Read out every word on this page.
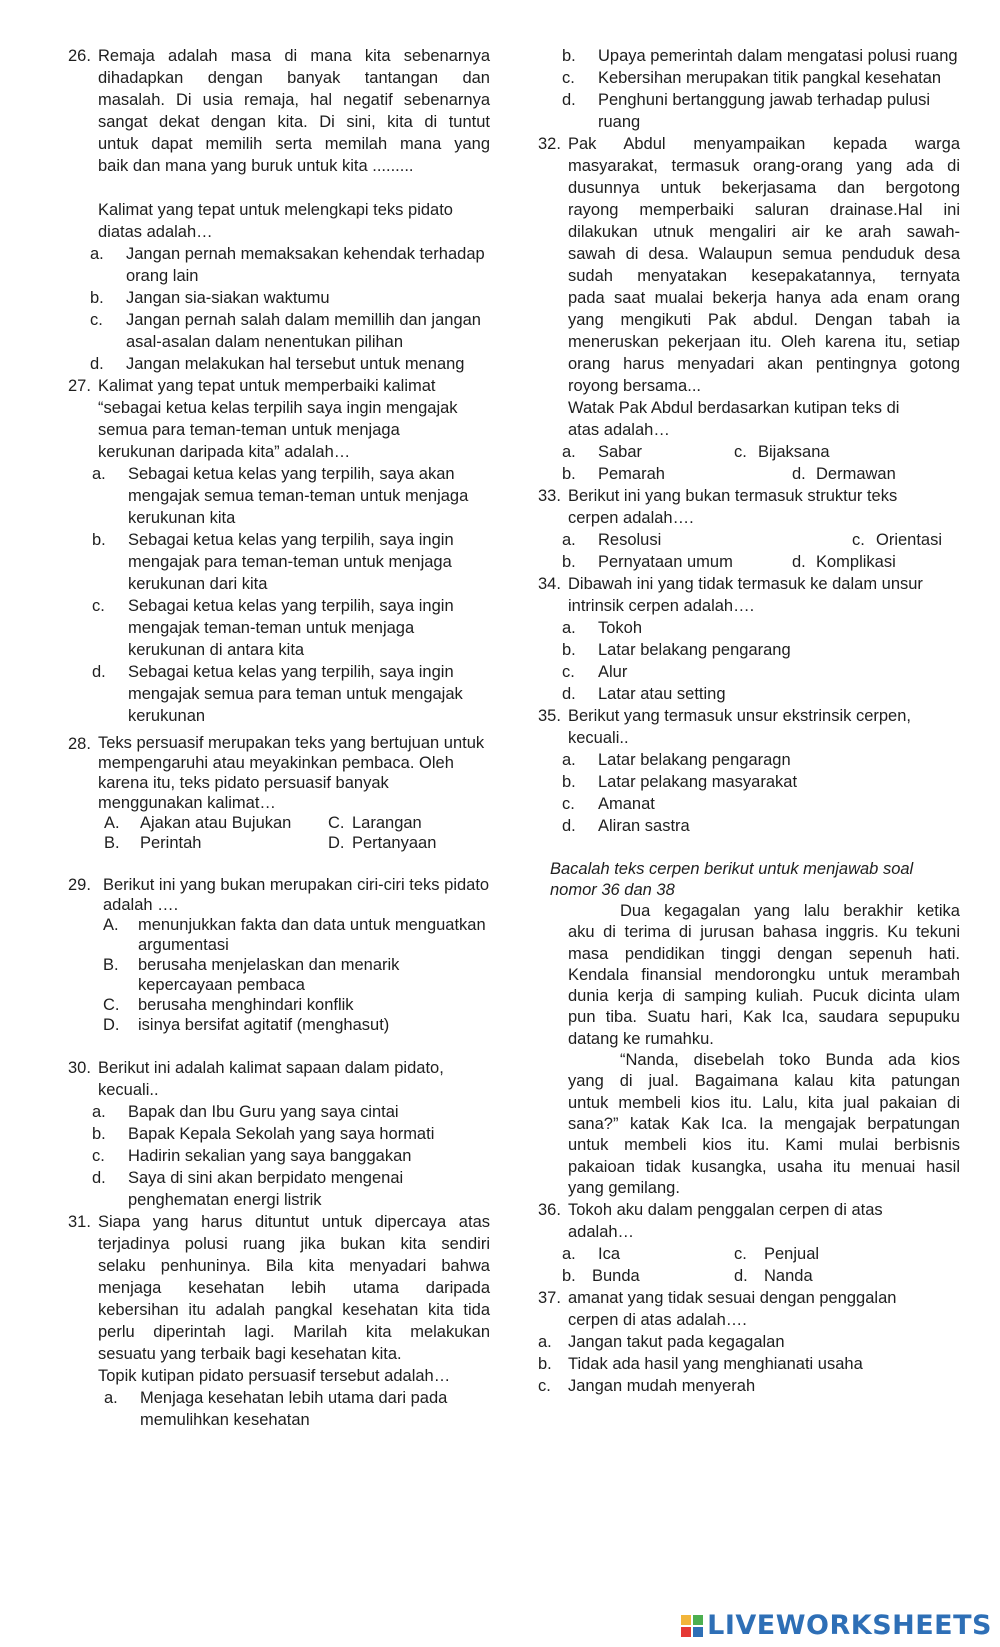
26. Remaja adalah masa di mana kita sebenarnya
dihadapkan dengan banyak tantangan dan
masalah. Di usia remaja, hal negatif sebenarnya
sangat dekat dengan kita. Di sini, kita di tuntut
untuk dapat memilih serta memilah mana yang
baik dan mana yang buruk untuk kita .........
Kalimat yang tepat untuk melengkapi teks pidato
diatas adalah…
a.	Jangan pernah memaksakan kehendak terhadap orang lain
b.	Jangan sia-siakan waktumu
c.	Jangan pernah salah dalam memillih dan jangan asal-asalan dalam nenentukan pilihan
d.	Jangan melakukan hal tersebut untuk menang
27. Kalimat yang tepat untuk memperbaiki kalimat “sebagai ketua kelas terpilih saya ingin mengajak semua para teman-teman untuk menjaga kerukunan daripada kita” adalah…
a.	Sebagai ketua kelas yang terpilih, saya akan mengajak semua teman-teman untuk menjaga kerukunan kita
b.	Sebagai ketua kelas yang terpilih, saya ingin mengajak para teman-teman untuk menjaga kerukunan dari kita
c.	Sebagai ketua kelas yang terpilih, saya ingin mengajak teman-teman untuk menjaga kerukunan di antara kita
d.	Sebagai ketua kelas yang terpilih, saya ingin mengajak semua para teman untuk mengajak kerukunan
28. Teks persuasif merupakan teks yang bertujuan untuk mempengaruhi atau meyakinkan pembaca. Oleh karena itu, teks pidato persuasif banyak menggunakan kalimat…
A.	Ajakan atau Bujukan C. Larangan
B.	Perintah	D. Pertanyaan
29. Berikut ini yang bukan merupakan ciri-ciri teks pidato adalah ….
A.	menunjukkan fakta dan data untuk menguatkan argumentasi
B.	berusaha menjelaskan dan menarik kepercayaan pembaca
C.	berusaha menghindari konflik
D.	isinya bersifat agitatif (menghasut)
30. Berikut ini adalah kalimat sapaan dalam pidato, kecuali..
a.	Bapak dan Ibu Guru yang saya cintai
b.	Bapak Kepala Sekolah yang saya hormati
c.	Hadirin sekalian yang saya banggakan
d.	Saya di sini akan berpidato mengenai penghematan energi listrik
31. Siapa yang harus dituntut untuk dipercaya atas
terjadinya polusi ruang jika bukan kita sendiri
selaku penhuninya. Bila kita menyadari bahwa
menjaga kesehatan lebih utama daripada
kebersihan itu adalah pangkal kesehatan kita tida
perlu diperintah lagi. Marilah kita melakukan
sesuatu yang terbaik bagi kesehatan kita.
Topik kutipan pidato persuasif tersebut adalah…
a.	Menjaga kesehatan lebih utama dari pada memulihkan kesehatan
b.	Upaya pemerintah dalam mengatasi polusi ruang
c.	Kebersihan merupakan titik pangkal kesehatan
d.	Penghuni bertanggung jawab terhadap pulusi ruang
32. Pak Abdul menyampaikan kepada warga
masyarakat, termasuk orang-orang yang ada di
dusunnya untuk bekerjasama dan bergotong
rayong memperbaiki saluran drainase.Hal ini
dilakukan utnuk mengaliri air ke arah sawah-
sawah di desa. Walaupun semua penduduk desa
sudah menyatakan kesepakatannya, ternyata
pada saat mualai bekerja hanya ada enam orang
yang mengikuti Pak abdul. Dengan tabah ia
meneruskan pekerjaan itu. Oleh karena itu, setiap
orang harus menyadari akan pentingnya gotong
royong bersama...
Watak Pak Abdul berdasarkan kutipan teks di atas adalah…
a.	Sabar	c. Bijaksana
b.	Pemarah	d. Dermawan
33. Berikut ini yang bukan termasuk struktur teks cerpen adalah….
a.	Resolusi	c. Orientasi
b.	Pernyataan umum	d. Komplikasi
34. Dibawah ini yang tidak termasuk ke dalam unsur intrinsik cerpen adalah….
a.	Tokoh
b.	Latar belakang pengarang
c.	Alur
d.	Latar atau setting
35. Berikut yang termasuk unsur ekstrinsik cerpen, kecuali..
a.	Latar belakang pengaragn
b.	Latar pelakang masyarakat
c.	Amanat
d.	Aliran sastra
Bacalah teks cerpen berikut untuk menjawab soal nomor 36 dan 38
Dua kegagalan yang lalu berakhir ketika
aku di terima di jurusan bahasa inggris. Ku tekuni
masa pendidikan tinggi dengan sepenuh hati.
Kendala finansial mendorongku untuk merambah
dunia kerja di samping kuliah. Pucuk dicinta ulam
pun tiba. Suatu hari, Kak Ica, saudara sepupuku
datang ke rumahku.
“Nanda, disebelah toko Bunda ada kios
yang di jual. Bagaimana kalau kita patungan
untuk membeli kios itu. Lalu, kita jual pakaian di
sana?” katak Kak Ica. Ia mengajak berpatungan
untuk membeli kios itu. Kami mulai berbisnis
pakaioan tidak kusangka, usaha itu menuai hasil
yang gemilang.
36. Tokoh aku dalam penggalan cerpen di atas adalah…
a.	Ica	c.	Penjual
b. Bunda	d. Nanda
37. amanat yang tidak sesuai dengan penggalan cerpen di atas adalah….
a. Jangan takut pada kegagalan
b. Tidak ada hasil yang menghianati usaha
c.	Jangan mudah menyerah
LIVEWORKSHEETS
